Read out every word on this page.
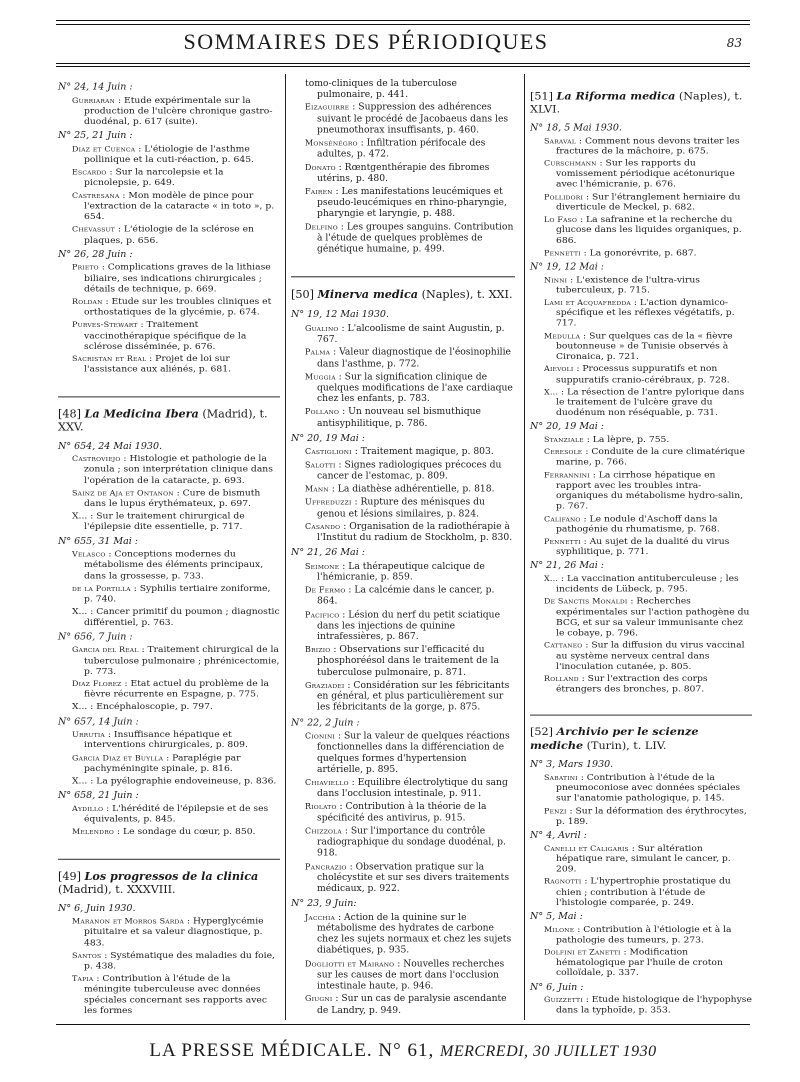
SOMMAIRES DES PÉRIODIQUES	83
N° 24, 14 Juin :
Gurriaran : Etude expérimentale sur la production de l'ulcère chronique gastro-duodénal, p. 617 (suite).
N° 25, 21 Juin :
Diaz et Cuenca : L'étiologie de l'asthme pollinique et la cuti-réaction, p. 645.
Escardo : Sur la narcolepsie et la picnolepsie, p. 649.
Castresana : Mon modèle de pince pour l'extraction de la cataracte « in toto », p. 654.
Chevassut : L'étiologie de la sclérose en plaques, p. 656.
N° 26, 28 Juin :
Prieto : Complications graves de la lithiase biliaire, ses indications chirurgicales ; détails de technique, p. 669.
Roldan : Etude sur les troubles cliniques et orthostatiques de la glycémie, p. 674.
Purves-Stewart : Traitement vaccinothérapique spécifique de la sclérose disséminée, p. 676.
Sacristan et Real : Projet de loi sur l'assistance aux aliénés, p. 681.
[48] La Medicina Ibera (Madrid), t. XXV.
N° 654, 24 Mai 1930.
Castroviejo : Histologie et pathologie de la zonula ; son interprétation clinique dans l'opération de la cataracte, p. 693.
Sainz de Aja et Ontanon : Cure de bismuth dans le lupus érythémateux, p. 697.
X... : Sur le traitement chirurgical de l'épilepsie dite essentielle, p. 717.
N° 655, 31 Mai :
Velasco : Conceptions modernes du métabolisme des éléments principaux, dans la grossesse, p. 733.
de la Portilla : Syphilis tertiaire zoniforme, p. 740.
X... : Cancer primitif du poumon ; diagnostic différentiel, p. 763.
N° 656, 7 Juin :
Garcia del Real : Traitement chirurgical de la tuberculose pulmonaire ; phrénicectomie, p. 773.
Diaz Florez : Etat actuel du problème de la fièvre récurrente en Espagne, p. 775.
X... : Encéphaloscopie, p. 797.
N° 657, 14 Juin :
Urrutia : Insuffisance hépatique et interventions chirurgicales, p. 809.
Garcia Diaz et Buylla : Paraplégie par pachyméningite spinale, p. 816.
X... : La pyélographie endoveineuse, p. 836.
N° 658, 21 Juin :
Aydillo : L'hérédité de l'épilepsie et de ses équivalents, p. 845.
Melendro : Le sondage du cœur, p. 850.
[49] Los progressos de la clinica (Madrid), t. XXXVIII.
N° 6, Juin 1930.
Maranon et Morros Sarda : Hyperglycémie pituitaire et sa valeur diagnostique, p. 483.
Santos : Systématique des maladies du foie, p. 438.
Tapia : Contribution à l'étude de la méningite tuberculeuse avec données spéciales concernant ses rapports avec les formes
tomo-cliniques de la tuberculose pulmonaire, p. 441.
Eizaguirre : Suppression des adhérences suivant le procédé de Jacobaeus dans les pneumothorax insuffisants, p. 460.
Monsénégro : Infiltration périfocale des adultes, p. 472.
Donato : Rœntgenthérapie des fibromes utérins, p. 480.
Fairen : Les manifestations leucémiques et pseudo-leucémiques en rhino-pharyngie, pharyngie et laryngie, p. 488.
Delfino : Les groupes sanguins. Contribution à l'étude de quelques problèmes de génétique humaine, p. 499.
[50] Minerva medica (Naples), t. XXI.
N° 19, 12 Mai 1930.
Gualino : L'alcoolisme de saint Augustin, p. 767.
Palma : Valeur diagnostique de l'éosinophilie dans l'asthme, p. 772.
Muggia : Sur la signification clinique de quelques modifications de l'axe cardiaque chez les enfants, p. 783.
Pollano : Un nouveau sel bismuthique antisyphilitique, p. 786.
N° 20, 19 Mai :
Castiglioni : Traitement magique, p. 803.
Salotti : Signes radiologiques précoces du cancer de l'estomac, p. 809.
Mann : La diathèse adhérentielle, p. 818.
Uffreduzzi : Rupture des ménisques du genou et lésions similaires, p. 824.
Casando : Organisation de la radiothérapie à l'Institut du radium de Stockholm, p. 830.
N° 21, 26 Mai :
Seimone : La thérapeutique calcique de l'hémicranie, p. 859.
De Fermo : La calcémie dans le cancer, p. 864.
Pacifico : Lésion du nerf du petit sciatique dans les injections de quinine intrafessières, p. 867.
Brizio : Observations sur l'efficacité du phosphoréésol dans le traitement de la tuberculose pulmonaire, p. 871.
Graziadei : Considération sur les fébricitants en général, et plus particulièrement sur les fébricitants de la gorge, p. 875.
N° 22, 2 Juin :
Cionini : Sur la valeur de quelques réactions fonctionnelles dans la différenciation de quelques formes d'hypertension artérielle, p. 895.
Chiaviello : Equilibre électrolytique du sang dans l'occlusion intestinale, p. 911.
Riolato : Contribution à la théorie de la spécificité des antivirus, p. 915.
Chizzola : Sur l'importance du contrôle radiographique du sondage duodénal, p. 918.
Pancrazio : Observation pratique sur la cholécystite et sur ses divers traitements médicaux, p. 922.
N° 23, 9 Juin:
Jacchia : Action de la quinine sur le métabolisme des hydrates de carbone chez les sujets normaux et chez les sujets diabétiques, p. 935.
Dogliotti et Mairano : Nouvelles recherches sur les causes de mort dans l'occlusion intestinale haute, p. 946.
Giugni : Sur un cas de paralysie ascendante de Landry, p. 949.
[51] La Riforma medica (Naples), t. XLVI.
N° 18, 5 Mai 1930.
Saraval : Comment nous devons traiter les fractures de la mâchoire, p. 675.
Curschmann : Sur les rapports du vomissement périodique acétonurique avec l'hémicranie, p. 676.
Pollidori : Sur l'étranglement herniaire du diverticule de Meckel, p. 682.
Lo Faso : La safranine et la recherche du glucose dans les liquides organiques, p. 686.
Pennetti : La gonorévrite, p. 687.
N° 19, 12 Mai :
Ninni : L'existence de l'ultra-virus tuberculeux, p. 715.
Lami et Acquafredda : L'action dynamico-spécifique et les réflexes végétatifs, p. 717.
Medulla : Sur quelques cas de la « fièvre boutonneuse » de Tunisie observés à Cironaica, p. 721.
Aievoli : Processus suppuratifs et non suppuratifs cranio-cérébraux, p. 728.
X... : La résection de l'antre pylorique dans le traitement de l'ulcère grave du duodénum non réséquable, p. 731.
N° 20, 19 Mai :
Stanziale : La lèpre, p. 755.
Ceresole : Conduite de la cure climatérique marine, p. 766.
Ferrannini : La cirrhose hépatique en rapport avec les troubles intra-organiques du métabolisme hydro-salin, p. 767.
Califano : Le nodule d'Aschoff dans la pathogénie du rhumatisme, p. 768.
Pennetti : Au sujet de la dualité du virus syphilitique, p. 771.
N° 21, 26 Mai :
X... : La vaccination antituberculeuse ; les incidents de Lübeck, p. 795.
De Sanctis Monaldi : Recherches expérimentales sur l'action pathogène du BCG, et sur sa valeur immunisante chez le cobaye, p. 796.
Cattaneo : Sur la diffusion du virus vaccinal au système nerveux central dans l'inoculation cutanée, p. 805.
Rolland : Sur l'extraction des corps étrangers des bronches, p. 807.
[52] Archivio per le scienze mediche (Turin), t. LIV.
N° 3, Mars 1930.
Sabatini : Contribution à l'étude de la pneumoconiose avec données spéciales sur l'anatomie pathologique, p. 145.
Penzi : Sur la déformation des érythrocytes, p. 189.
N° 4, Avril :
Canelli et Caligaris : Sur altération hépatique rare, simulant le cancer, p. 209.
Ragnotti : L'hypertrophie prostatique du chien ; contribution à l'étude de l'histologie comparée, p. 249.
N° 5, Mai :
Milone : Contribution à l'étiologie et à la pathologie des tumeurs, p. 273.
Dolfini et Zanetti : Modification hématologique par l'huile de croton colloïdale, p. 337.
N° 6, Juin :
Guizzetti : Etude histologique de l'hypophyse dans la typhoïde, p. 353.
LA PRESSE MÉDICALE. N° 61, MERCREDI, 30 JUILLET 1930
